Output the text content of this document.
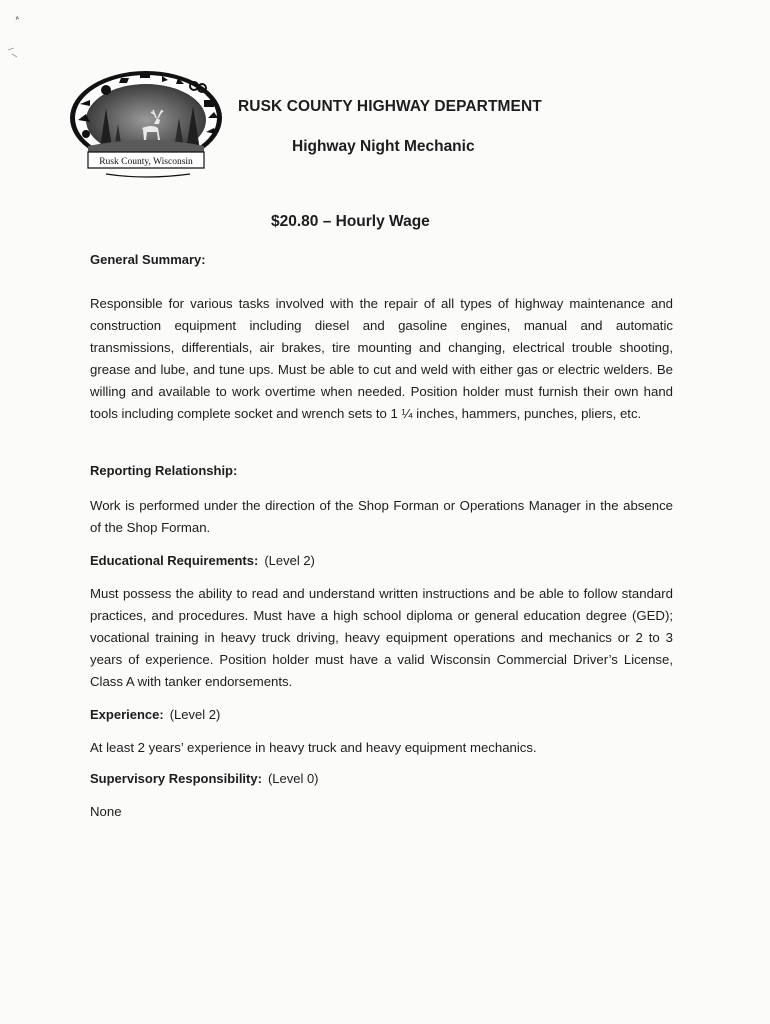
Rusk County, Wisconsin
RUSK COUNTY HIGHWAY DEPARTMENT
Highway Night Mechanic
$20.80 – Hourly Wage

General Summary:

Responsible for various tasks involved with the repair of all types of highway maintenance and construction equipment including diesel and gasoline engines, manual and automatic transmissions, differentials, air brakes, tire mounting and changing, electrical trouble shooting, grease and lube, and tune ups. Must be able to cut and weld with either gas or electric welders. Be willing and available to work overtime when needed. Position holder must furnish their own hand tools including complete socket and wrench sets to 1 ¼ inches, hammers, punches, pliers, etc.

Reporting Relationship:

Work is performed under the direction of the Shop Forman or Operations Manager in the absence of the Shop Forman.

Educational Requirements: (Level 2)

Must possess the ability to read and understand written instructions and be able to follow standard practices, and procedures. Must have a high school diploma or general education degree (GED); vocational training in heavy truck driving, heavy equipment operations and mechanics or 2 to 3 years of experience. Position holder must have a valid Wisconsin Commercial Driver’s License, Class A with tanker endorsements.

Experience: (Level 2)

At least 2 years’ experience in heavy truck and heavy equipment mechanics.

Supervisory Responsibility: (Level 0)

None
